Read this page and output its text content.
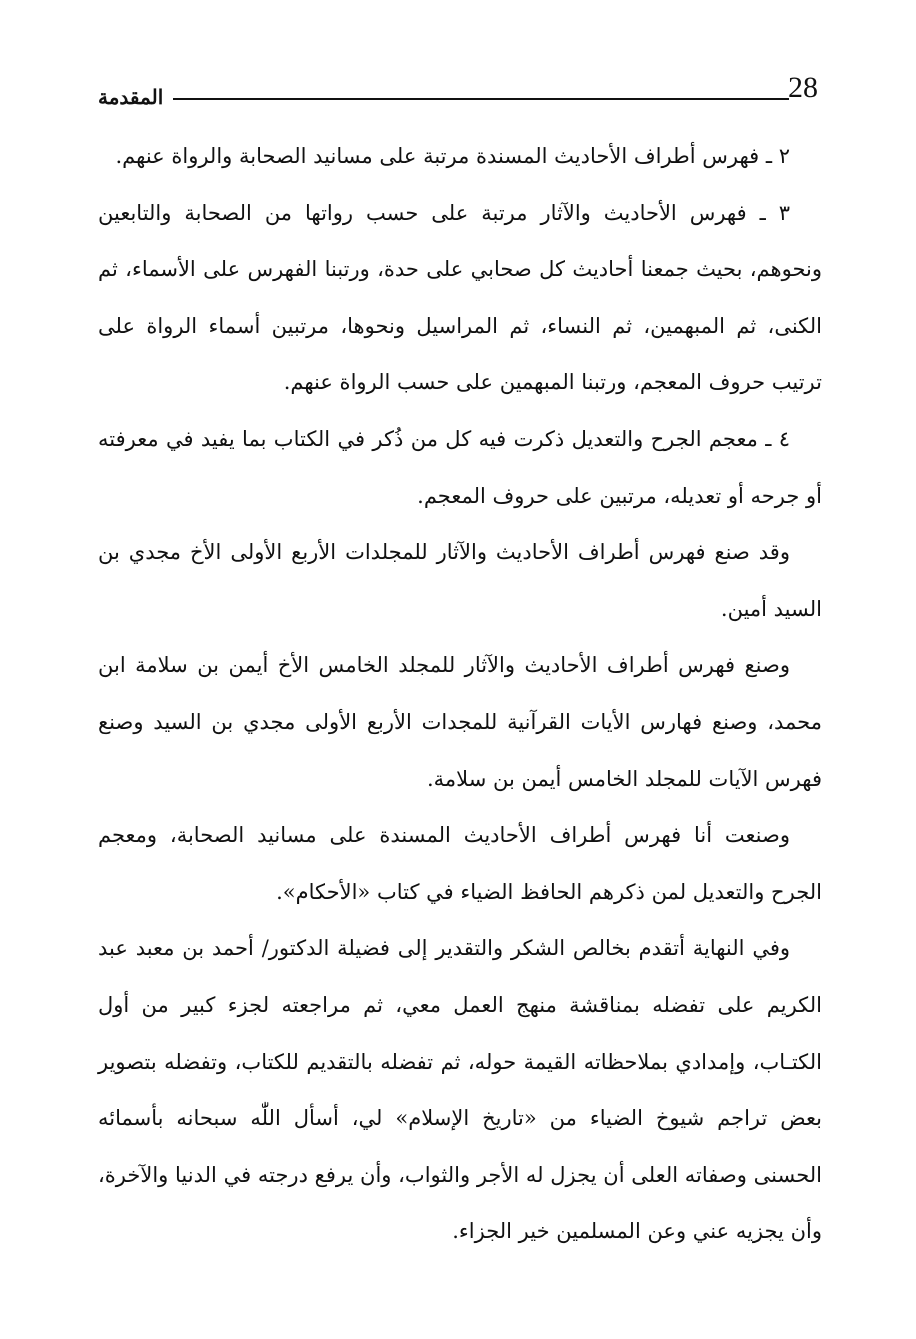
28
المقدمة

٢ ـ فهرس أطراف الأحاديث المسندة مرتبة على مسانيد الصحابة والرواة عنهم.

٣ ـ فهرس الأحاديث والآثار مرتبة على حسب رواتها من الصحابة والتابعين ونحوهم، بحيث جمعنا أحاديث كل صحابي على حدة، ورتبنا الفهرس على الأسماء، ثم الكنى، ثم المبهمين، ثم النساء، ثم المراسيل ونحوها، مرتبين أسماء الرواة على ترتيب حروف المعجم، ورتبنا المبهمين على حسب الرواة عنهم.

٤ ـ معجم الجرح والتعديل ذكرت فيه كل من ذُكر في الكتاب بما يفيد في معرفته أو جرحه أو تعديله، مرتبين على حروف المعجم.

وقد صنع فهرس أطراف الأحاديث والآثار للمجلدات الأربع الأولى الأخ مجدي بن السيد أمين.

وصنع فهرس أطراف الأحاديث والآثار للمجلد الخامس الأخ أيمن بن سلامة ابن محمد، وصنع فهارس الأيات القرآنية للمجدات الأربع الأولى مجدي بن السيد وصنع فهرس الآيات للمجلد الخامس أيمن بن سلامة.

وصنعت أنا فهرس أطراف الأحاديث المسندة على مسانيد الصحابة، ومعجم الجرح والتعديل لمن ذكرهم الحافظ الضياء في كتاب «الأحكام».

وفي النهاية أتقدم بخالص الشكر والتقدير إلى فضيلة الدكتور/ أحمد بن معبد عبد الكريم على تفضله بمناقشة منهج العمل معي، ثم مراجعته لجزء كبير من أول الكتـاب، وإمدادي بملاحظاته القيمة حوله، ثم تفضله بالتقديم للكتاب، وتفضله بتصوير بعض تراجم شيوخ الضياء من «تاريخ الإسلام» لي، أسأل اللّٰه سبحانه بأسمائه الحسنى وصفاته العلى أن يجزل له الأجر والثواب، وأن يرفع درجته في الدنيا والآخرة، وأن يجزيه عني وعن المسلمين خير الجزاء.
